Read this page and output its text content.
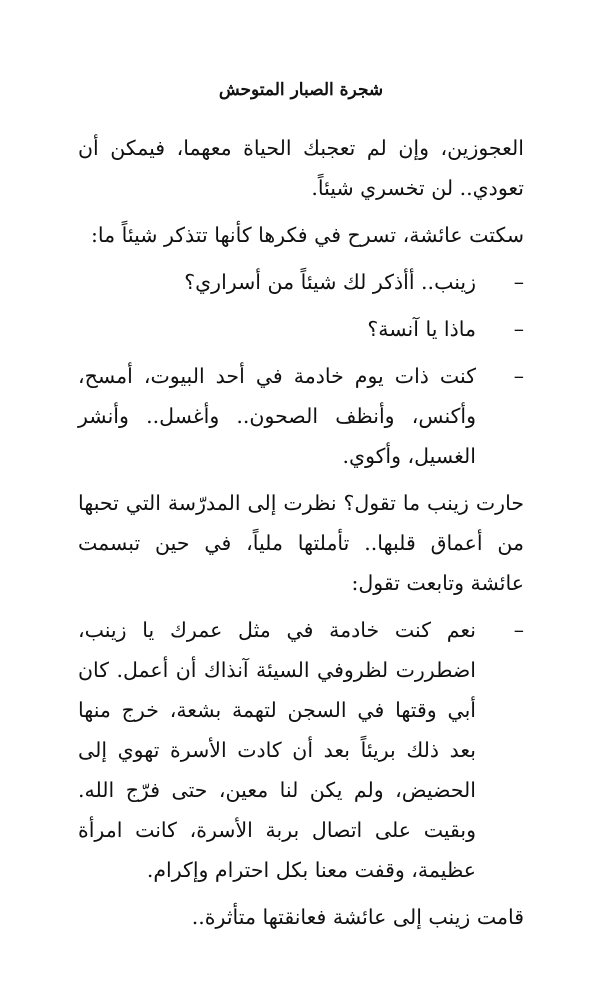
شجرة الصبار المتوحش

العجوزين، وإن لم تعجبك الحياة معهما، فيمكن أن تعودي.. لن تخسري شيئاً.

سكتت عائشة، تسرح في فكرها كأنها تتذكر شيئاً ما:

–
زينب.. أأذكر لك شيئاً من أسراري؟
–
ماذا يا آنسة؟
–
كنت ذات يوم خادمة في أحد البيوت، أمسح، وأكنس، وأنظف الصحون.. وأغسل.. وأنشر الغسيل، وأكوي.

حارت زينب ما تقول؟ نظرت إلى المدرّسة التي تحبها من أعماق قلبها.. تأملتها ملياً، في حين تبسمت عائشة وتابعت تقول:

–
نعم كنت خادمة في مثل عمرك يا زينب، اضطررت لظروفي السيئة آنذاك أن أعمل. كان أبي وقتها في السجن لتهمة بشعة، خرج منها بعد ذلك بريئاً بعد أن كادت الأسرة تهوي إلى الحضيض، ولم يكن لنا معين، حتى فرّج الله. وبقيت على اتصال بربة الأسرة، كانت امرأة عظيمة، وقفت معنا بكل احترام وإكرام.

قامت زينب إلى عائشة فعانقتها متأثرة..
